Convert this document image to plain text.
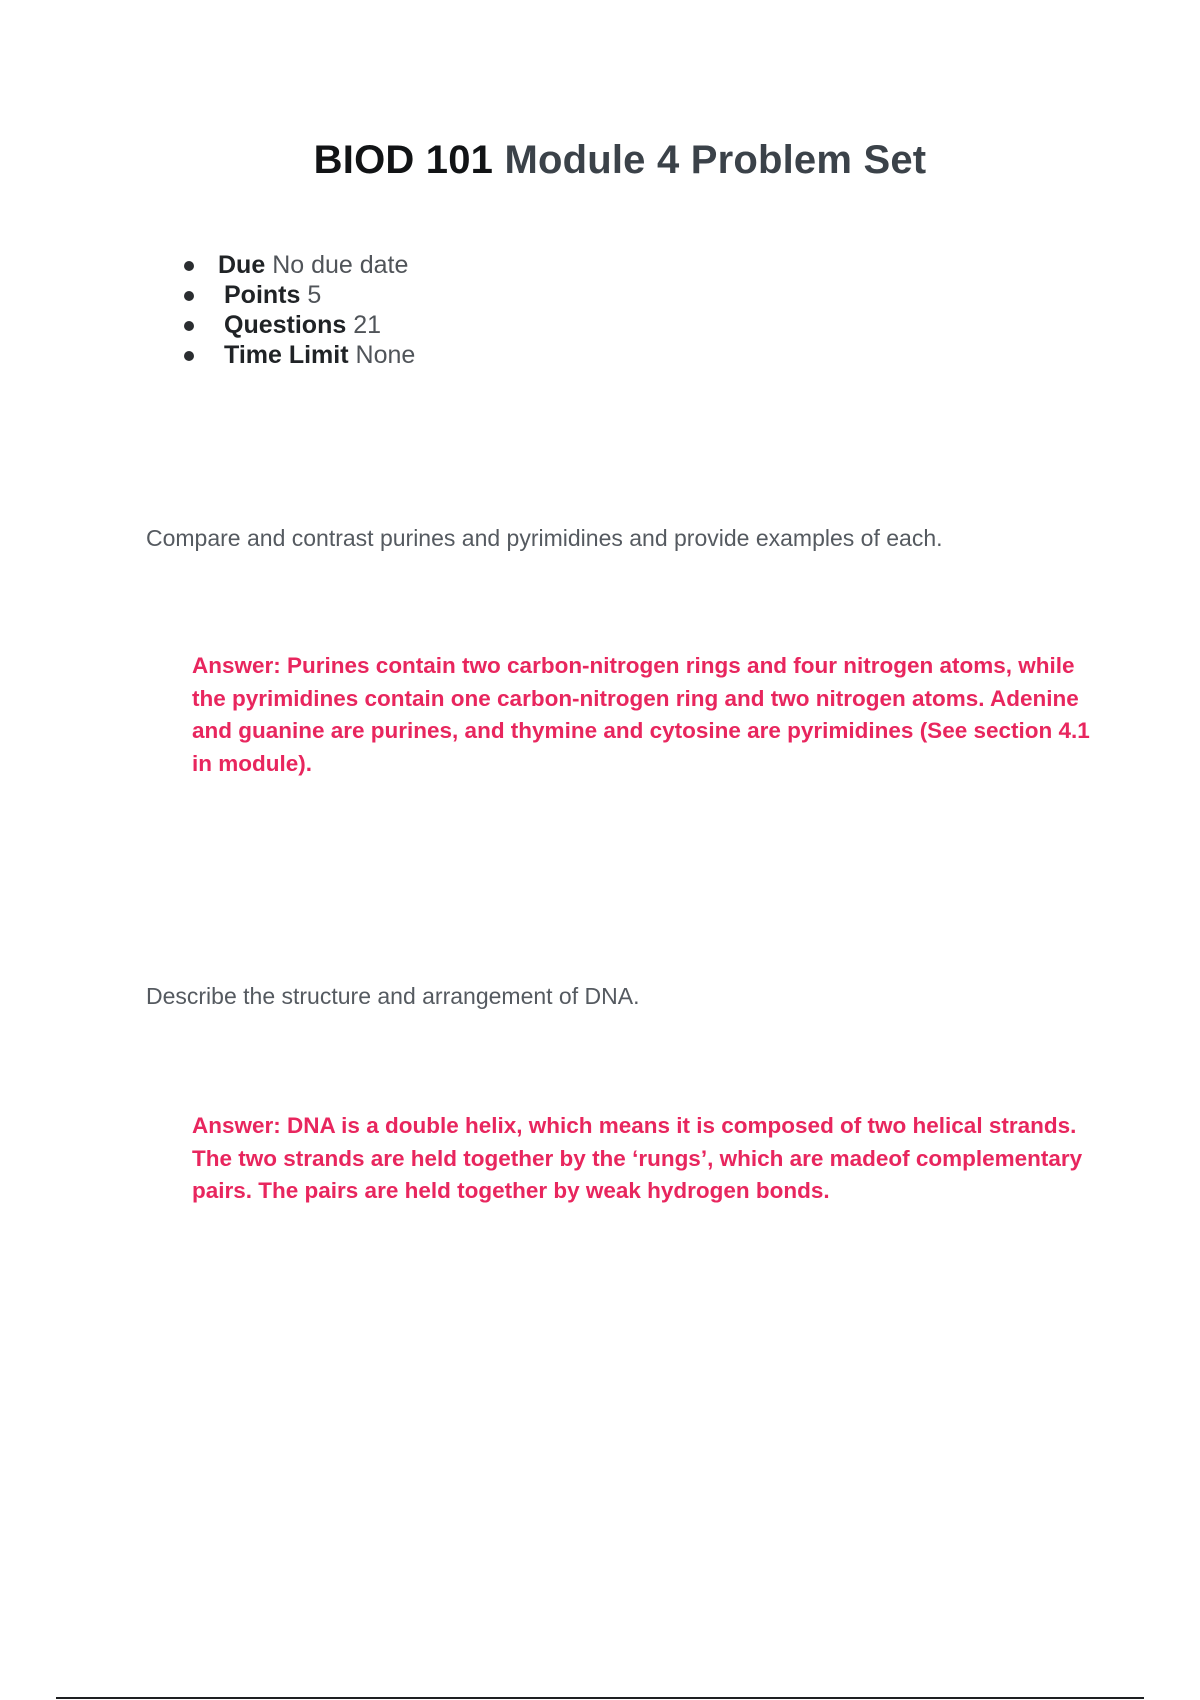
BIOD 101 Module 4 Problem Set
Due No due date
Points 5
Questions 21
Time Limit None

Compare and contrast purines and pyrimidines and provide examples of each.

Answer: Purines contain two carbon-nitrogen rings and four nitrogen atoms, while the pyrimidines contain one carbon-nitrogen ring and two nitrogen atoms. Adenine and guanine are purines, and thymine and cytosine are pyrimidines (See section 4.1 in module).

Describe the structure and arrangement of DNA.

Answer: DNA is a double helix, which means it is composed of two helical strands. The two strands are held together by the ‘rungs’, which are madeof complementary pairs. The pairs are held together by weak hydrogen bonds.
